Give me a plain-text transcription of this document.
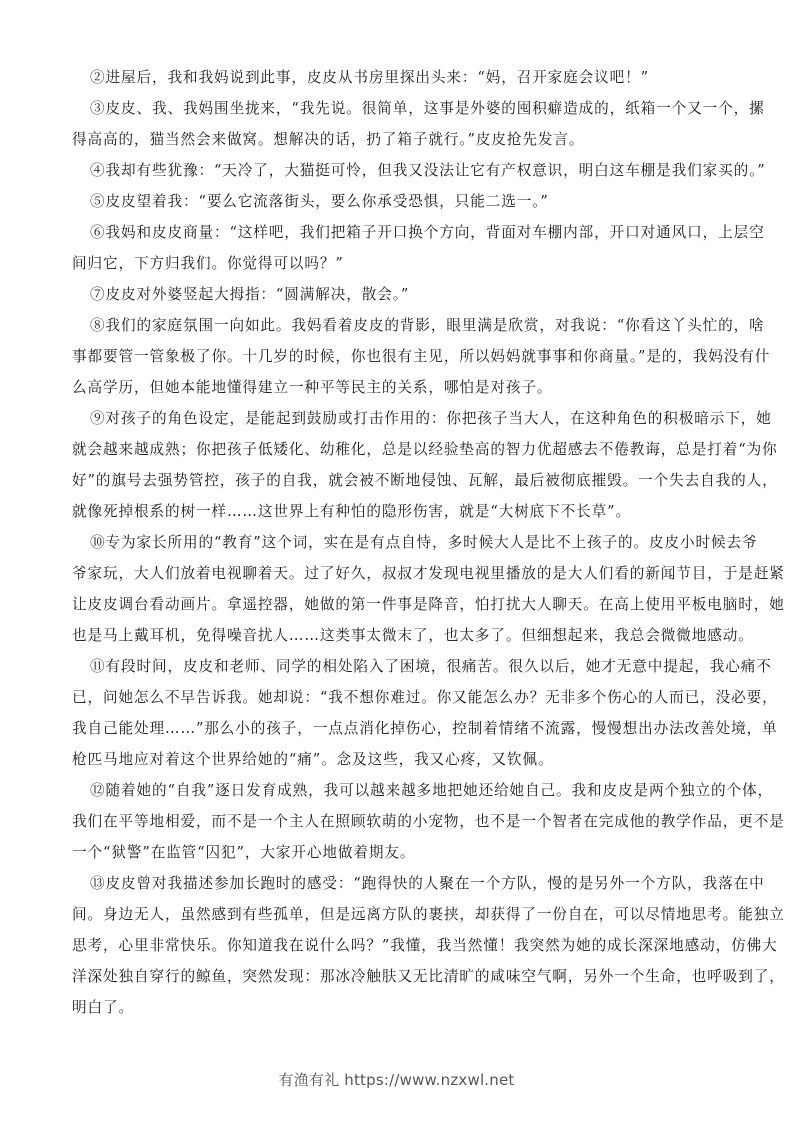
②进屋后，我和我妈说到此事，皮皮从书房里探出头来：“妈，召开家庭会议吧！”
③皮皮、我、我妈围坐拢来，“我先说。很简单，这事是外婆的囤积癖造成的，纸箱一个又一个，摞
得高高的，猫当然会来做窝。想解决的话，扔了箱子就行。”皮皮抢先发言。
④我却有些犹豫：“天冷了，大猫挺可怜，但我又没法让它有产权意识，明白这车棚是我们家买的。”
⑤皮皮望着我：“要么它流落街头，要么你承受恐惧，只能二选一。”
⑥我妈和皮皮商量：“这样吧，我们把箱子开口换个方向，背面对车棚内部，开口对通风口，上层空
间归它，下方归我们。你觉得可以吗？”
⑦皮皮对外婆竖起大拇指：“圆满解决，散会。”
⑧我们的家庭氛围一向如此。我妈看着皮皮的背影，眼里满是欣赏，对我说：“你看这丫头忙的，啥
事都要管一管象极了你。十几岁的时候，你也很有主见，所以妈妈就事事和你商量。”是的，我妈没有什
么高学历，但她本能地懂得建立一种平等民主的关系，哪怕是对孩子。
⑨对孩子的角色设定，是能起到鼓励或打击作用的：你把孩子当大人，在这种角色的积极暗示下，她
就会越来越成熟；你把孩子低矮化、幼稚化，总是以经验垫高的智力优超感去不倦教诲，总是打着“为你
好”的旗号去强势管控，孩子的自我，就会被不断地侵蚀、瓦解，最后被彻底摧毁。一个失去自我的人，
就像死掉根系的树一样……这世界上有种怕的隐形伤害，就是“大树底下不长草”。
⑩专为家长所用的“教育”这个词，实在是有点自恃，多时候大人是比不上孩子的。皮皮小时候去爷
爷家玩，大人们放着电视聊着天。过了好久，叔叔才发现电视里播放的是大人们看的新闻节目，于是赶紧
让皮皮调台看动画片。拿遥控器，她做的第一件事是降音，怕打扰大人聊天。在高上使用平板电脑时，她
也是马上戴耳机，免得噪音扰人……这类事太微末了，也太多了。但细想起来，我总会微微地感动。
⑪有段时间，皮皮和老师、同学的相处陷入了困境，很痛苦。很久以后，她才无意中提起，我心痛不
已，问她怎么不早告诉我。她却说：“我不想你难过。你又能怎么办？无非多个伤心的人而已，没必要，
我自己能处理……”那么小的孩子，一点点消化掉伤心，控制着情绪不流露，慢慢想出办法改善处境，单
枪匹马地应对着这个世界给她的“痛”。念及这些，我又心疼，又钦佩。
⑫随着她的“自我”逐日发育成熟，我可以越来越多地把她还给她自己。我和皮皮是两个独立的个体，
我们在平等地相爱，而不是一个主人在照顾软萌的小宠物，也不是一个智者在完成他的教学作品，更不是
一个“狱警”在监管“囚犯”，大家开心地做着期友。
⑬皮皮曾对我描述参加长跑时的感受：“跑得快的人聚在一个方队，慢的是另外一个方队，我落在中
间。身边无人，虽然感到有些孤单，但是远离方队的裹挟，却获得了一份自在，可以尽情地思考。能独立
思考，心里非常快乐。你知道我在说什么吗？”我懂，我当然懂！我突然为她的成长深深地感动，仿佛大
洋深处独自穿行的鲸鱼，突然发现：那冰冷触肤又无比清旷的咸味空气啊，另外一个生命，也呼吸到了，
明白了。
有渔有礼 https://www.nzxwl.net
